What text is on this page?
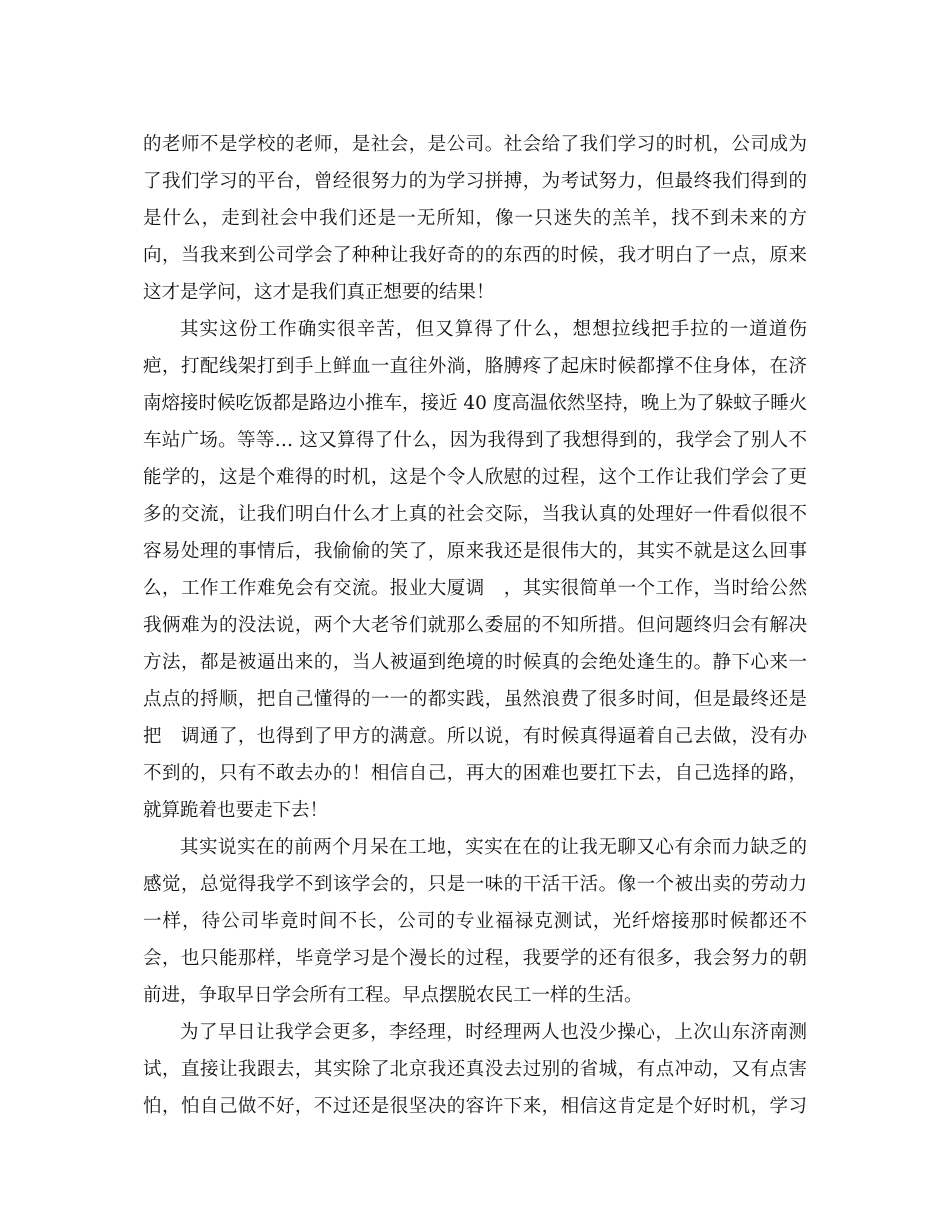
的老师不是学校的老师，是社会，是公司。社会给了我们学习的时机，公司成为
了我们学习的平台，曾经很努力的为学习拼搏，为考试努力，但最终我们得到的
是什么，走到社会中我们还是一无所知，像一只迷失的羔羊，找不到未来的方
向，当我来到公司学会了种种让我好奇的的东西的时候，我才明白了一点，原来
这才是学问，这才是我们真正想要的结果！
其实这份工作确实很辛苦，但又算得了什么，想想拉线把手拉的一道道伤
疤，打配线架打到手上鲜血一直往外淌，胳膊疼了起床时候都撑不住身体，在济
南熔接时候吃饭都是路边小推车，接近 40 度高温依然坚持，晚上为了躲蚊子睡火
车站广场。等等… 这又算得了什么，因为我得到了我想得到的，我学会了别人不
能学的，这是个难得的时机，这是个令人欣慰的过程，这个工作让我们学会了更
多的交流，让我们明白什么才上真的社会交际，当我认真的处理好一件看似很不
容易处理的事情后，我偷偷的笑了，原来我还是很伟大的，其实不就是这么回事
么，工作工作难免会有交流。报业大厦调　，其实很简单一个工作，当时给公然
我俩难为的没法说，两个大老爷们就那么委屈的不知所措。但问题终归会有解决
方法，都是被逼出来的，当人被逼到绝境的时候真的会绝处逢生的。静下心来一
点点的捋顺，把自己懂得的一一的都实践，虽然浪费了很多时间，但是最终还是
把　调通了，也得到了甲方的满意。所以说，有时候真得逼着自己去做，没有办
不到的，只有不敢去办的！相信自己，再大的困难也要扛下去，自己选择的路，
就算跪着也要走下去！
其实说实在的前两个月呆在工地，实实在在的让我无聊又心有余而力缺乏的
感觉，总觉得我学不到该学会的，只是一味的干活干活。像一个被出卖的劳动力
一样，待公司毕竟时间不长，公司的专业福禄克测试，光纤熔接那时候都还不
会，也只能那样，毕竟学习是个漫长的过程，我要学的还有很多，我会努力的朝
前进，争取早日学会所有工程。早点摆脱农民工一样的生活。
为了早日让我学会更多，李经理，时经理两人也没少操心，上次山东济南测
试，直接让我跟去，其实除了北京我还真没去过别的省城，有点冲动，又有点害
怕，怕自己做不好，不过还是很坚决的容许下来，相信这肯定是个好时机，学习
